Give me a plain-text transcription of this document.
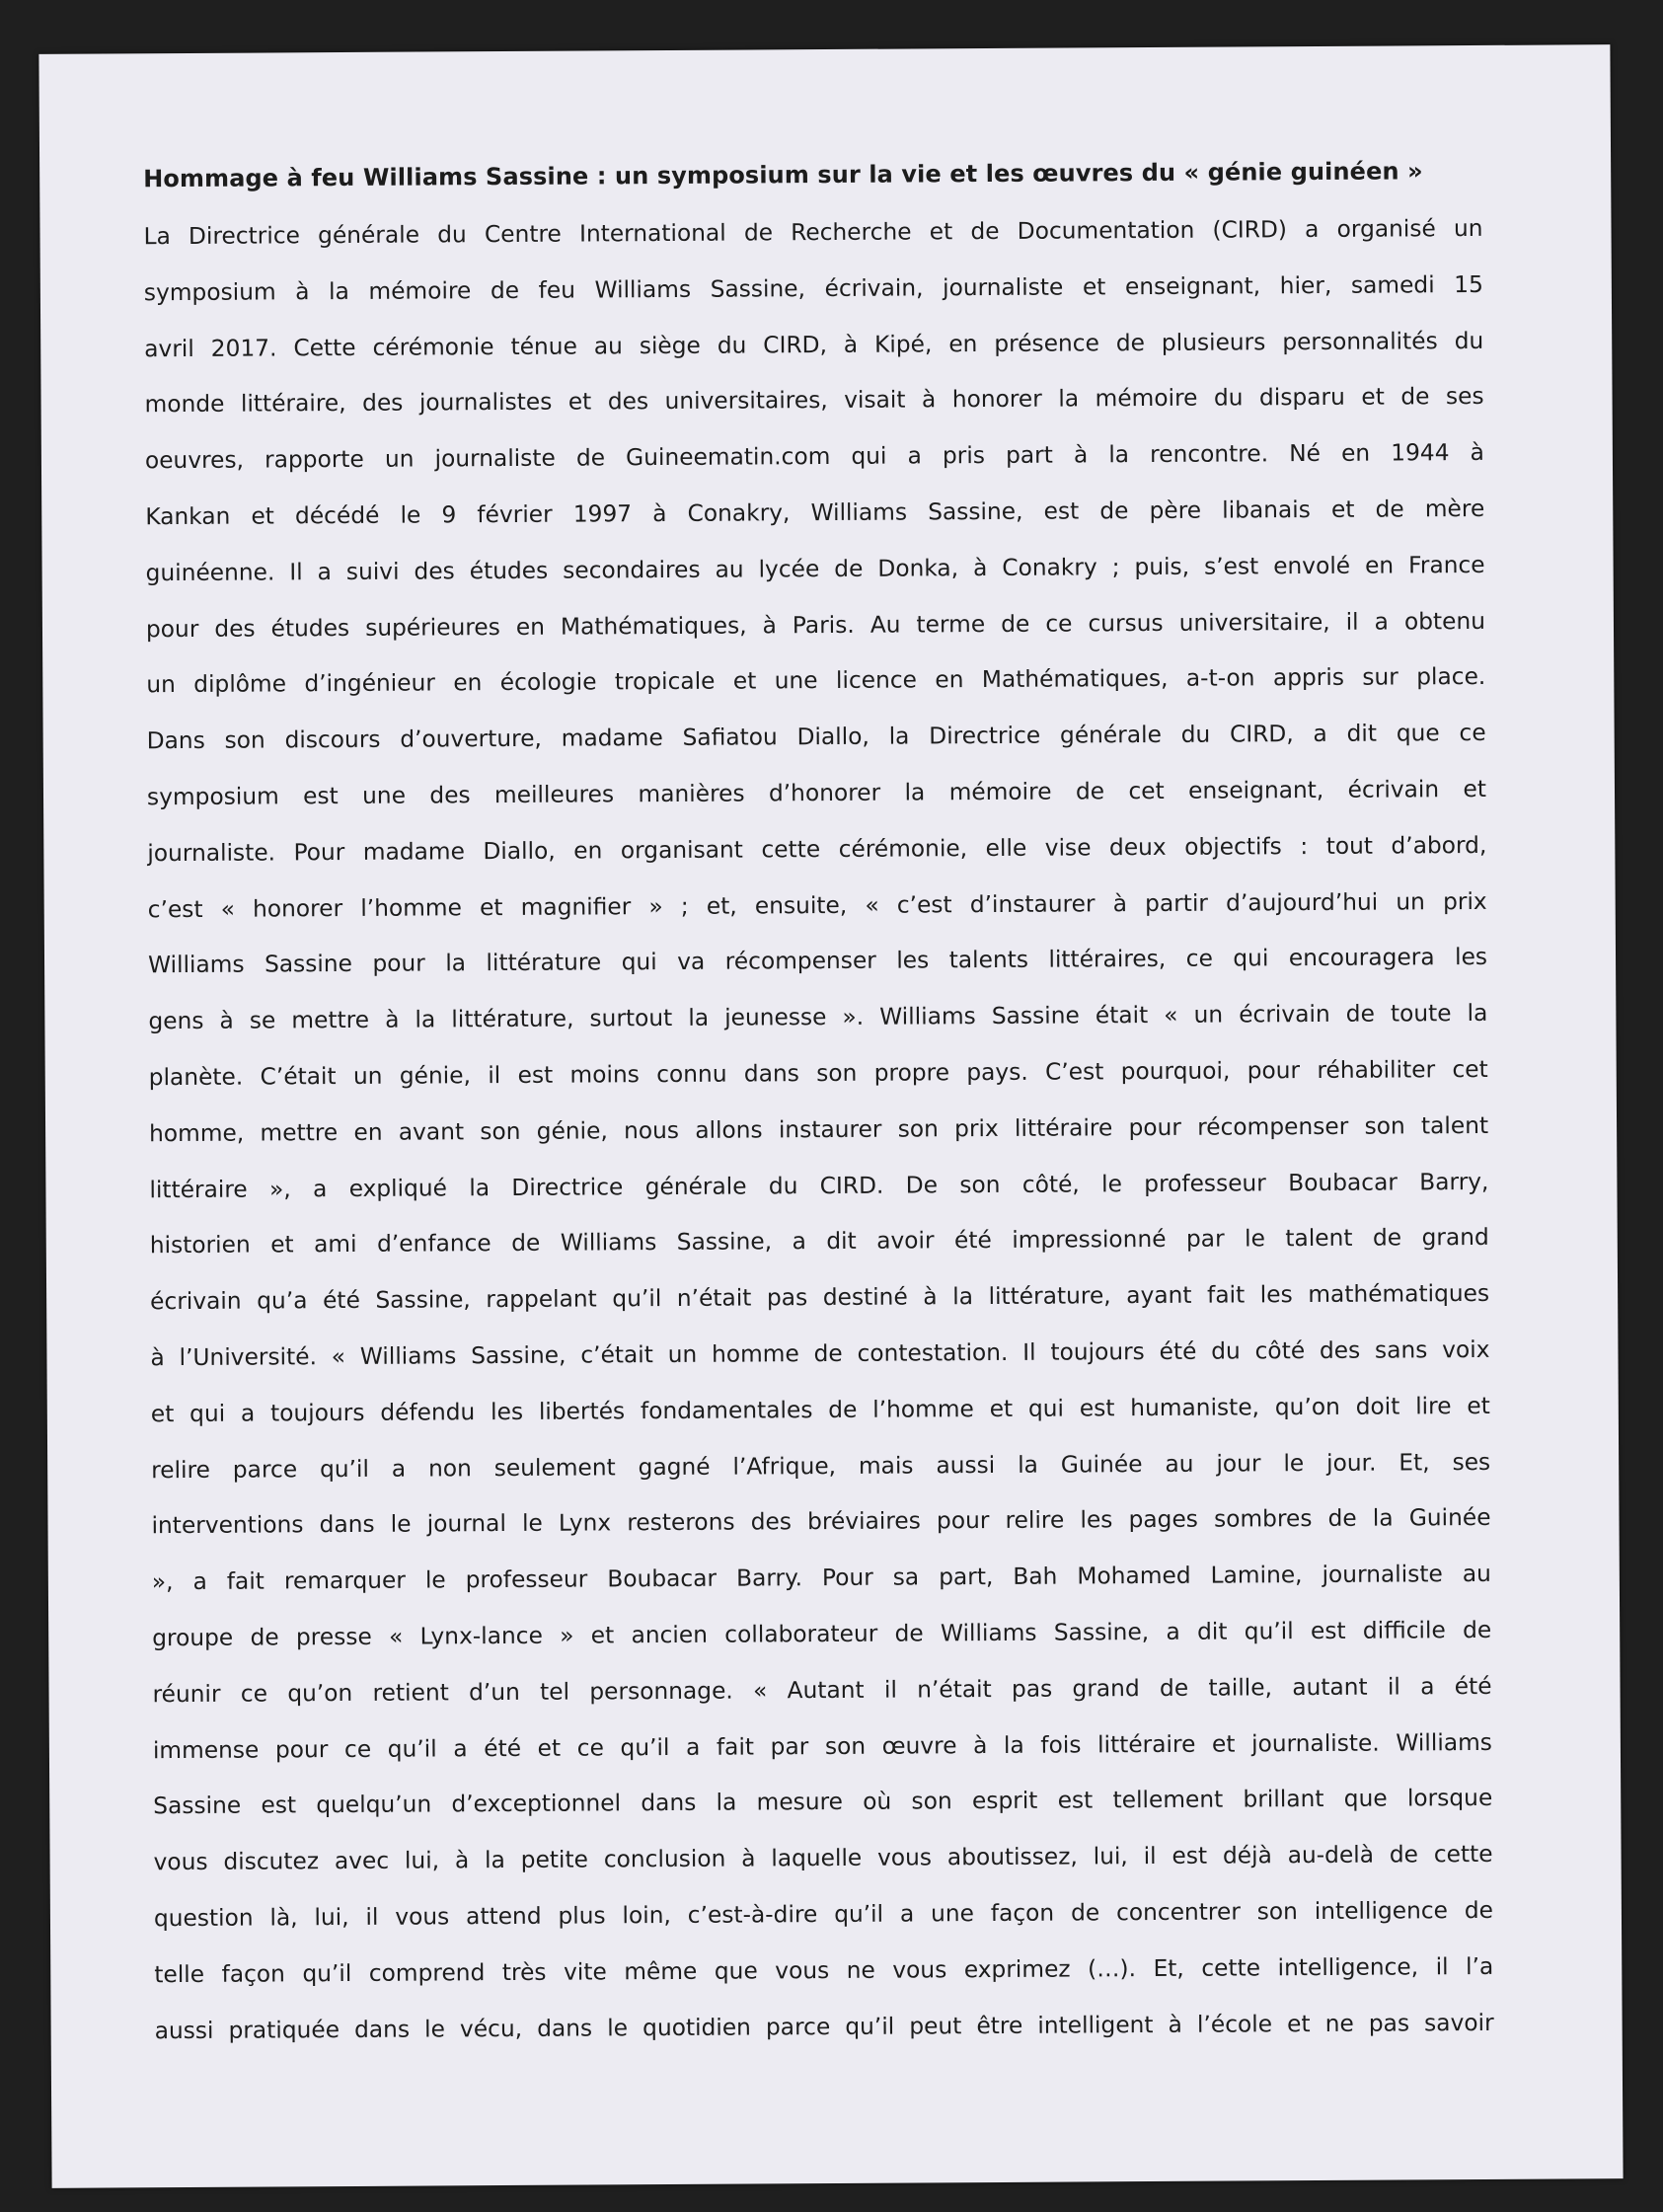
Hommage à feu Williams Sassine : un symposium sur la vie et les œuvres du « génie guinéen »
La Directrice générale du Centre International de Recherche et de Documentation (CIRD) a organisé un
symposium à la mémoire de feu Williams Sassine, écrivain, journaliste et enseignant, hier, samedi 15
avril 2017. Cette cérémonie ténue au siège du CIRD, à Kipé, en présence de plusieurs personnalités du
monde littéraire, des journalistes et des universitaires, visait à honorer la mémoire du disparu et de ses
oeuvres, rapporte un journaliste de Guineematin.com qui a pris part à la rencontre. Né en 1944 à
Kankan et décédé le 9 février 1997 à Conakry, Williams Sassine, est de père libanais et de mère
guinéenne. Il a suivi des études secondaires au lycée de Donka, à Conakry ; puis, s’est envolé en France
pour des études supérieures en Mathématiques, à Paris. Au terme de ce cursus universitaire, il a obtenu
un diplôme d’ingénieur en écologie tropicale et une licence en Mathématiques, a-t-on appris sur place.
Dans son discours d’ouverture, madame Safiatou Diallo, la Directrice générale du CIRD, a dit que ce
symposium est une des meilleures manières d’honorer la mémoire de cet enseignant, écrivain et
journaliste. Pour madame Diallo, en organisant cette cérémonie, elle vise deux objectifs : tout d’abord,
c’est « honorer l’homme et magnifier » ; et, ensuite, « c’est d’instaurer à partir d’aujourd’hui un prix
Williams Sassine pour la littérature qui va récompenser les talents littéraires, ce qui encouragera les
gens à se mettre à la littérature, surtout la jeunesse ». Williams Sassine était « un écrivain de toute la
planète. C’était un génie, il est moins connu dans son propre pays. C’est pourquoi, pour réhabiliter cet
homme, mettre en avant son génie, nous allons instaurer son prix littéraire pour récompenser son talent
littéraire », a expliqué la Directrice générale du CIRD. De son côté, le professeur Boubacar Barry,
historien et ami d’enfance de Williams Sassine, a dit avoir été impressionné par le talent de grand
écrivain qu’a été Sassine, rappelant qu’il n’était pas destiné à la littérature, ayant fait les mathématiques
à l’Université. « Williams Sassine, c’était un homme de contestation. Il toujours été du côté des sans voix
et qui a toujours défendu les libertés fondamentales de l’homme et qui est humaniste, qu’on doit lire et
relire parce qu’il a non seulement gagné l’Afrique, mais aussi la Guinée au jour le jour. Et, ses
interventions dans le journal le Lynx resterons des bréviaires pour relire les pages sombres de la Guinée
», a fait remarquer le professeur Boubacar Barry. Pour sa part, Bah Mohamed Lamine, journaliste au
groupe de presse « Lynx-lance » et ancien collaborateur de Williams Sassine, a dit qu’il est difficile de
réunir ce qu’on retient d’un tel personnage. « Autant il n’était pas grand de taille, autant il a été
immense pour ce qu’il a été et ce qu’il a fait par son œuvre à la fois littéraire et journaliste. Williams
Sassine est quelqu’un d’exceptionnel dans la mesure où son esprit est tellement brillant que lorsque
vous discutez avec lui, à la petite conclusion à laquelle vous aboutissez, lui, il est déjà au-delà de cette
question là, lui, il vous attend plus loin, c’est-à-dire qu’il a une façon de concentrer son intelligence de
telle façon qu’il comprend très vite même que vous ne vous exprimez (…). Et, cette intelligence, il l’a
aussi pratiquée dans le vécu, dans le quotidien parce qu’il peut être intelligent à l’école et ne pas savoir
